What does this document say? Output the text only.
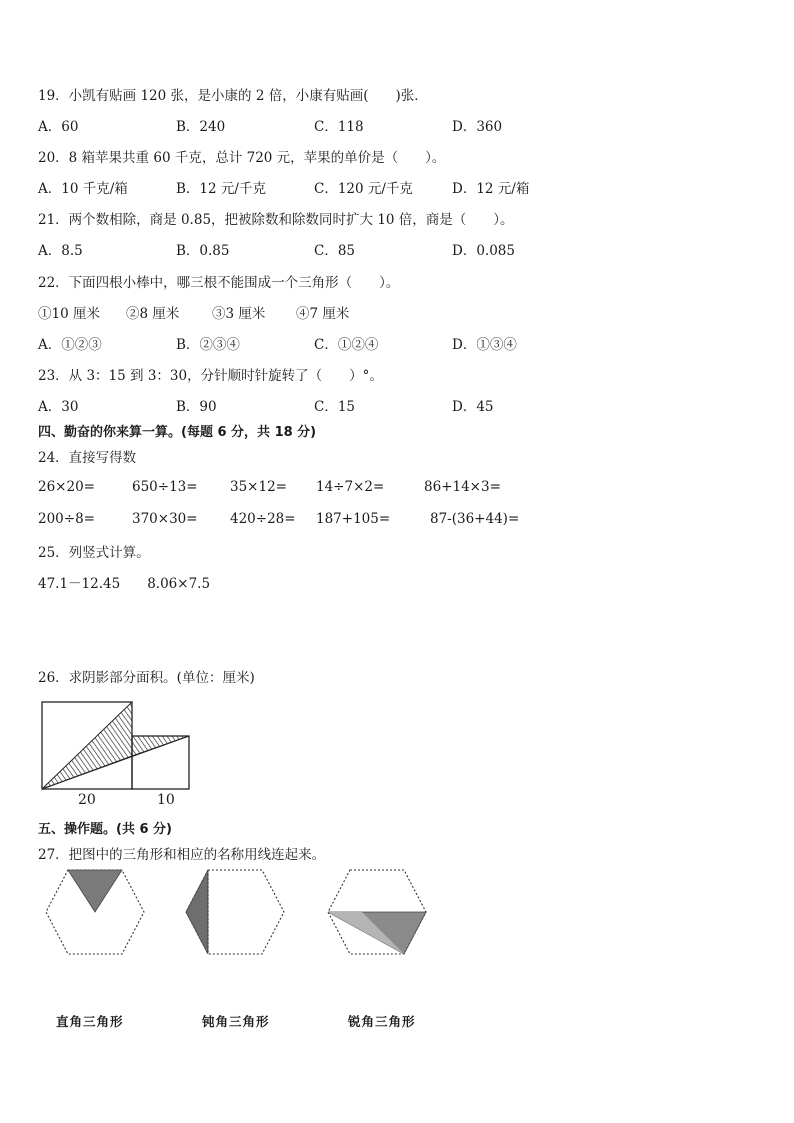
19．小凯有贴画 120 张，是小康的 2 倍，小康有贴画(　　)张．
A．60	B．240	C．118	D．360
20．8 箱苹果共重 60 千克，总计 720 元，苹果的单价是（　　）。
A．10 千克/箱	B．12 元/千克	C．120 元/千克	D．12 元/箱
21．两个数相除，商是 0.85，把被除数和除数同时扩大 10 倍，商是（　　）。
A．8.5	B．0.85	C．85	D．0.085
22．下面四根小棒中，哪三根不能围成一个三角形（　　）。
①10 厘米 ②8 厘米 ③3 厘米 ④7 厘米
A．①②③	B．②③④	C．①②④	D．①③④
23．从 3：15 到 3：30，分针顺时针旋转了（　　）°。
A．30	B．90	C．15	D．45
四、勤奋的你来算一算。(每题 6 分，共 18 分)
24．直接写得数
26×20=	650÷13= 35×12= 14÷7×2=	86+14×3=
200÷8=	370×30= 420÷28= 187+105=	87-(36+44)=
25．列竖式计算。
47.1－12.45　　8.06×7.5
26．求阴影部分面积。(单位：厘米)
20	10
五、操作题。(共 6 分)
27．把图中的三角形和相应的名称用线连起来。
直角三角形	钝角三角形	锐角三角形
